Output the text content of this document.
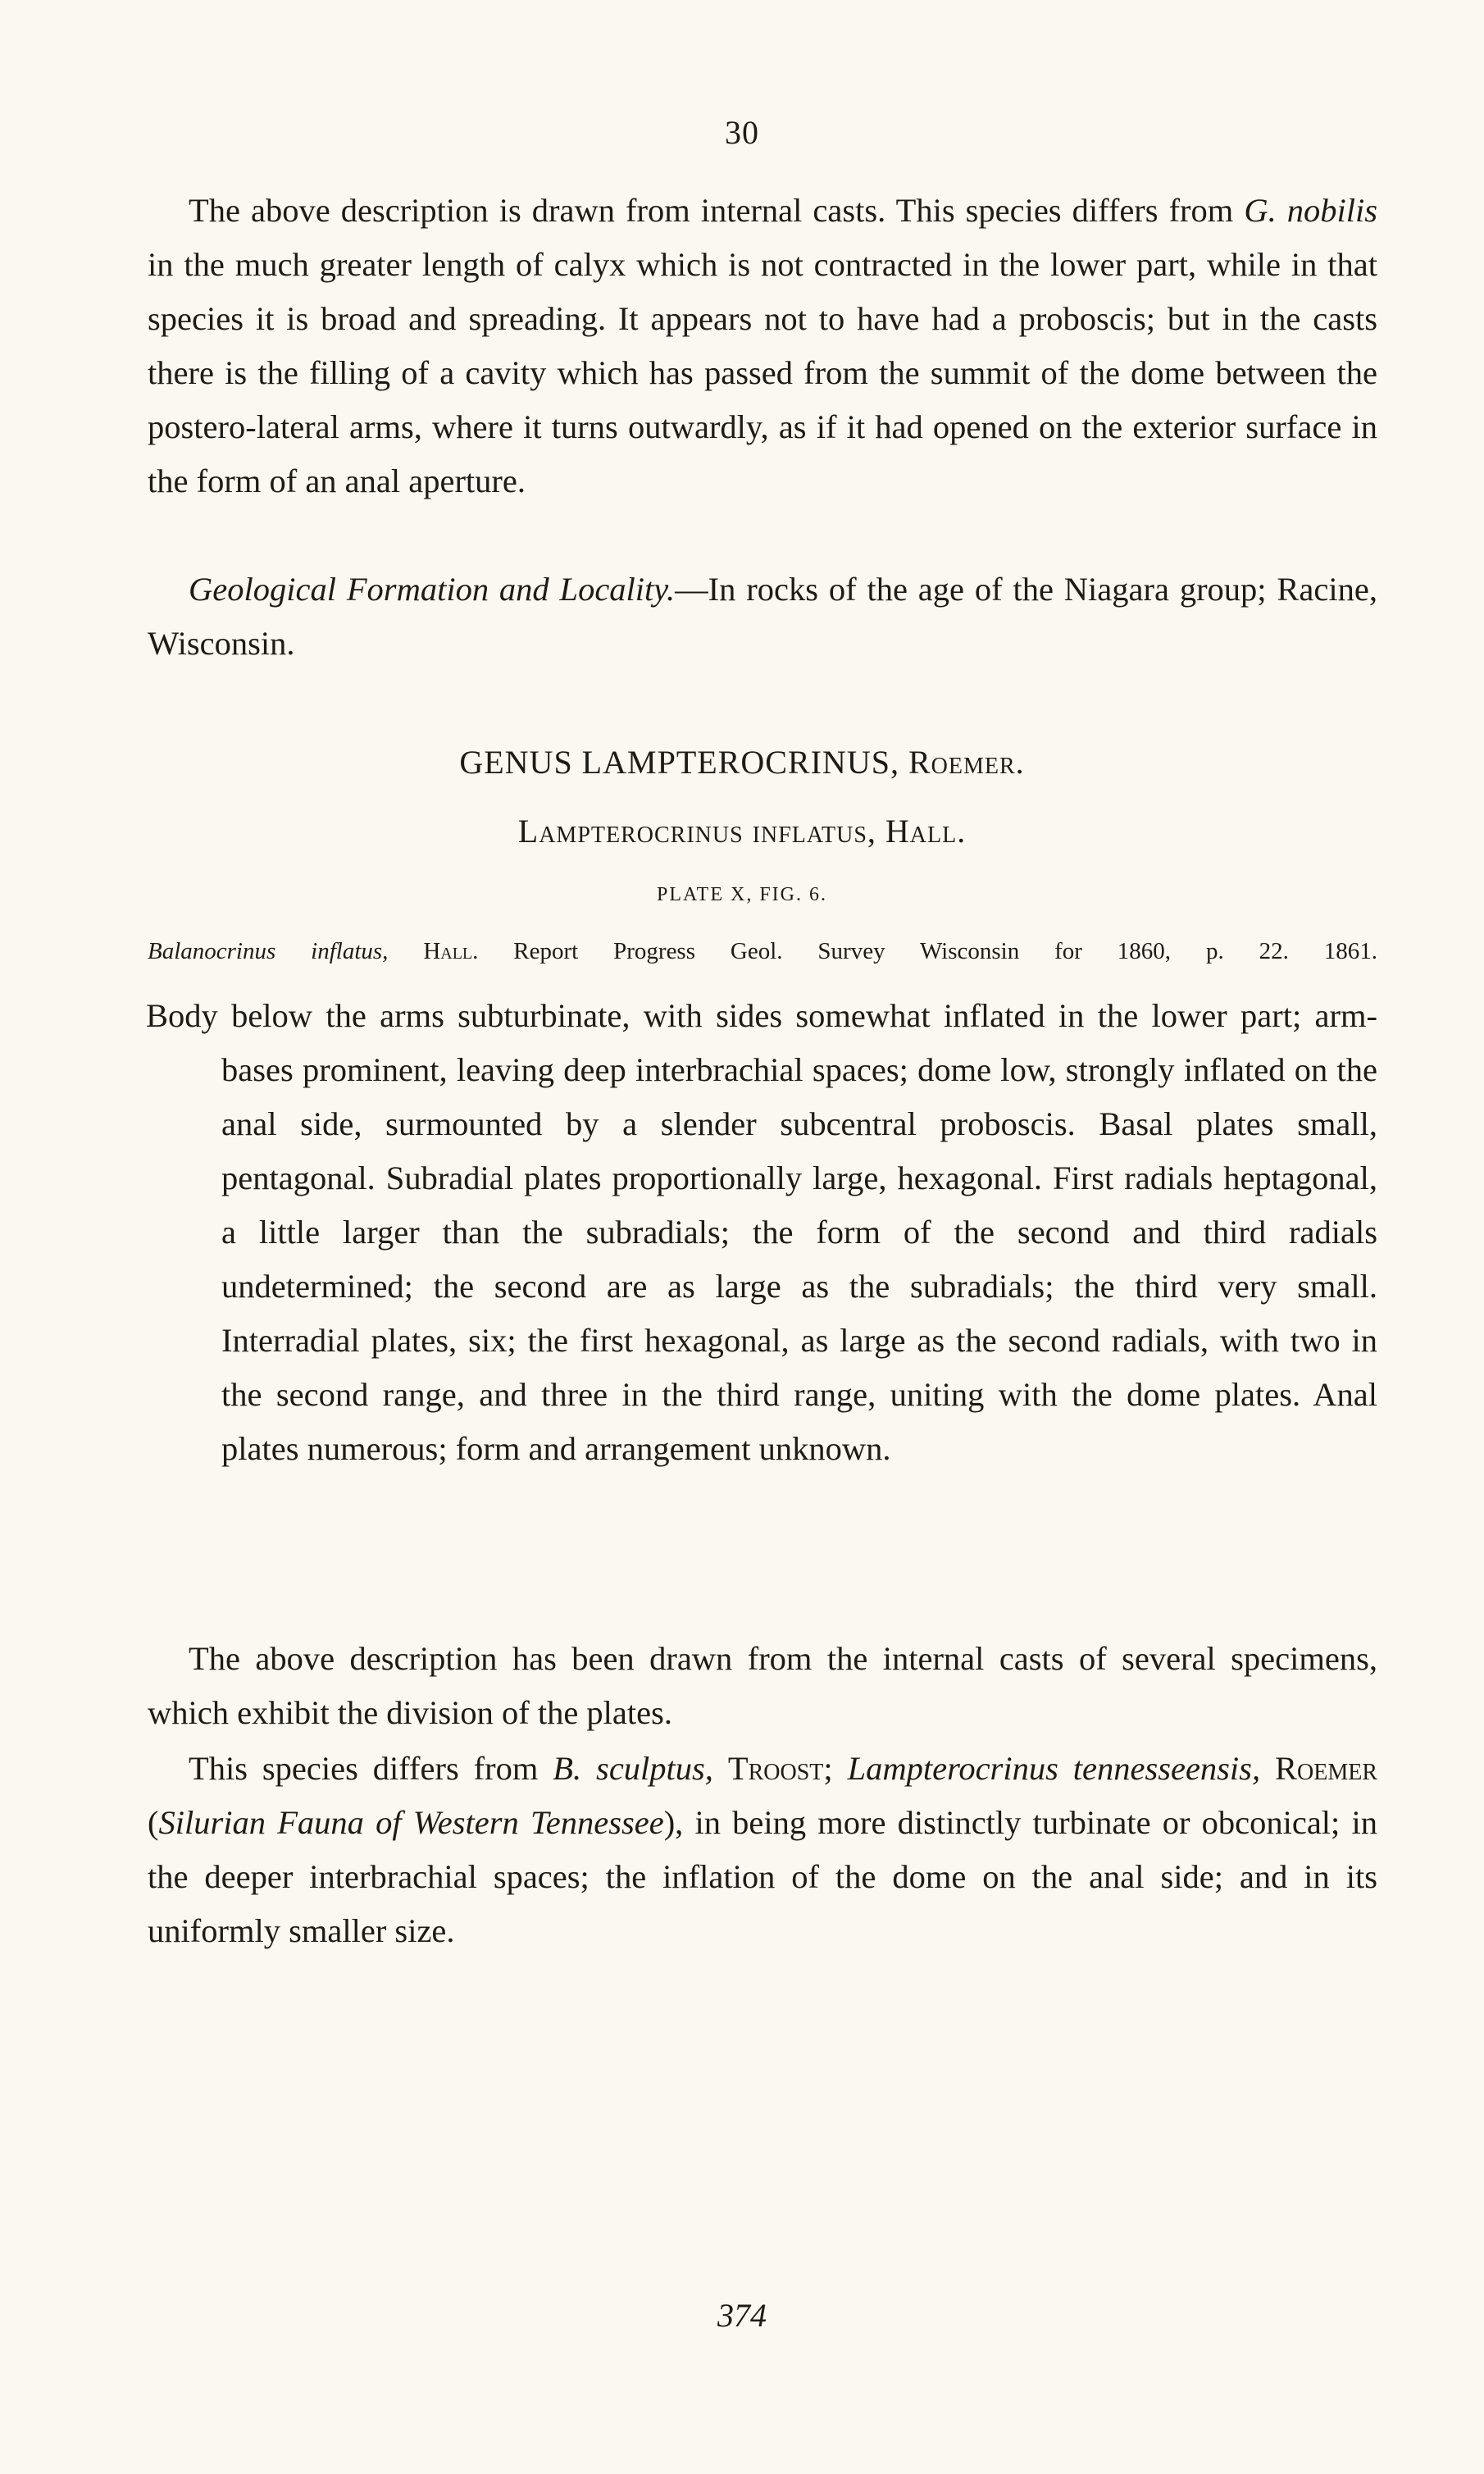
30

The above description is drawn from internal casts. This species differs from G. nobilis in the much greater length of calyx which is not contracted in the lower part, while in that species it is broad and spreading. It appears not to have had a proboscis; but in the casts there is the filling of a cavity which has passed from the summit of the dome between the postero-lateral arms, where it turns outwardly, as if it had opened on the exterior surface in the form of an anal aperture.

Geological Formation and Locality.—In rocks of the age of the Niagara group; Racine, Wisconsin.

GENUS LAMPTEROCRINUS, Roemer.
Lampterocrinus inflatus, Hall.
PLATE X, FIG. 6.

Balanocrinus inflatus, Hall. Report Progress Geol. Survey Wisconsin for 1860, p. 22. 1861.

Body below the arms subturbinate, with sides somewhat inflated in the lower part; arm-bases prominent, leaving deep interbrachial spaces; dome low, strongly inflated on the anal side, surmounted by a slender subcentral proboscis. Basal plates small, pentagonal. Subradial plates proportionally large, hexagonal. First radials heptagonal, a little larger than the subradials; the form of the second and third radials undetermined; the second are as large as the subradials; the third very small. Interradial plates, six; the first hexagonal, as large as the second radials, with two in the second range, and three in the third range, uniting with the dome plates. Anal plates numerous; form and arrangement unknown.

The above description has been drawn from the internal casts of several specimens, which exhibit the division of the plates.

This species differs from B. sculptus, Troost; Lampterocrinus tennesseensis, Roemer (Silurian Fauna of Western Tennessee), in being more distinctly turbinate or obconical; in the deeper interbrachial spaces; the inflation of the dome on the anal side; and in its uniformly smaller size.

374
